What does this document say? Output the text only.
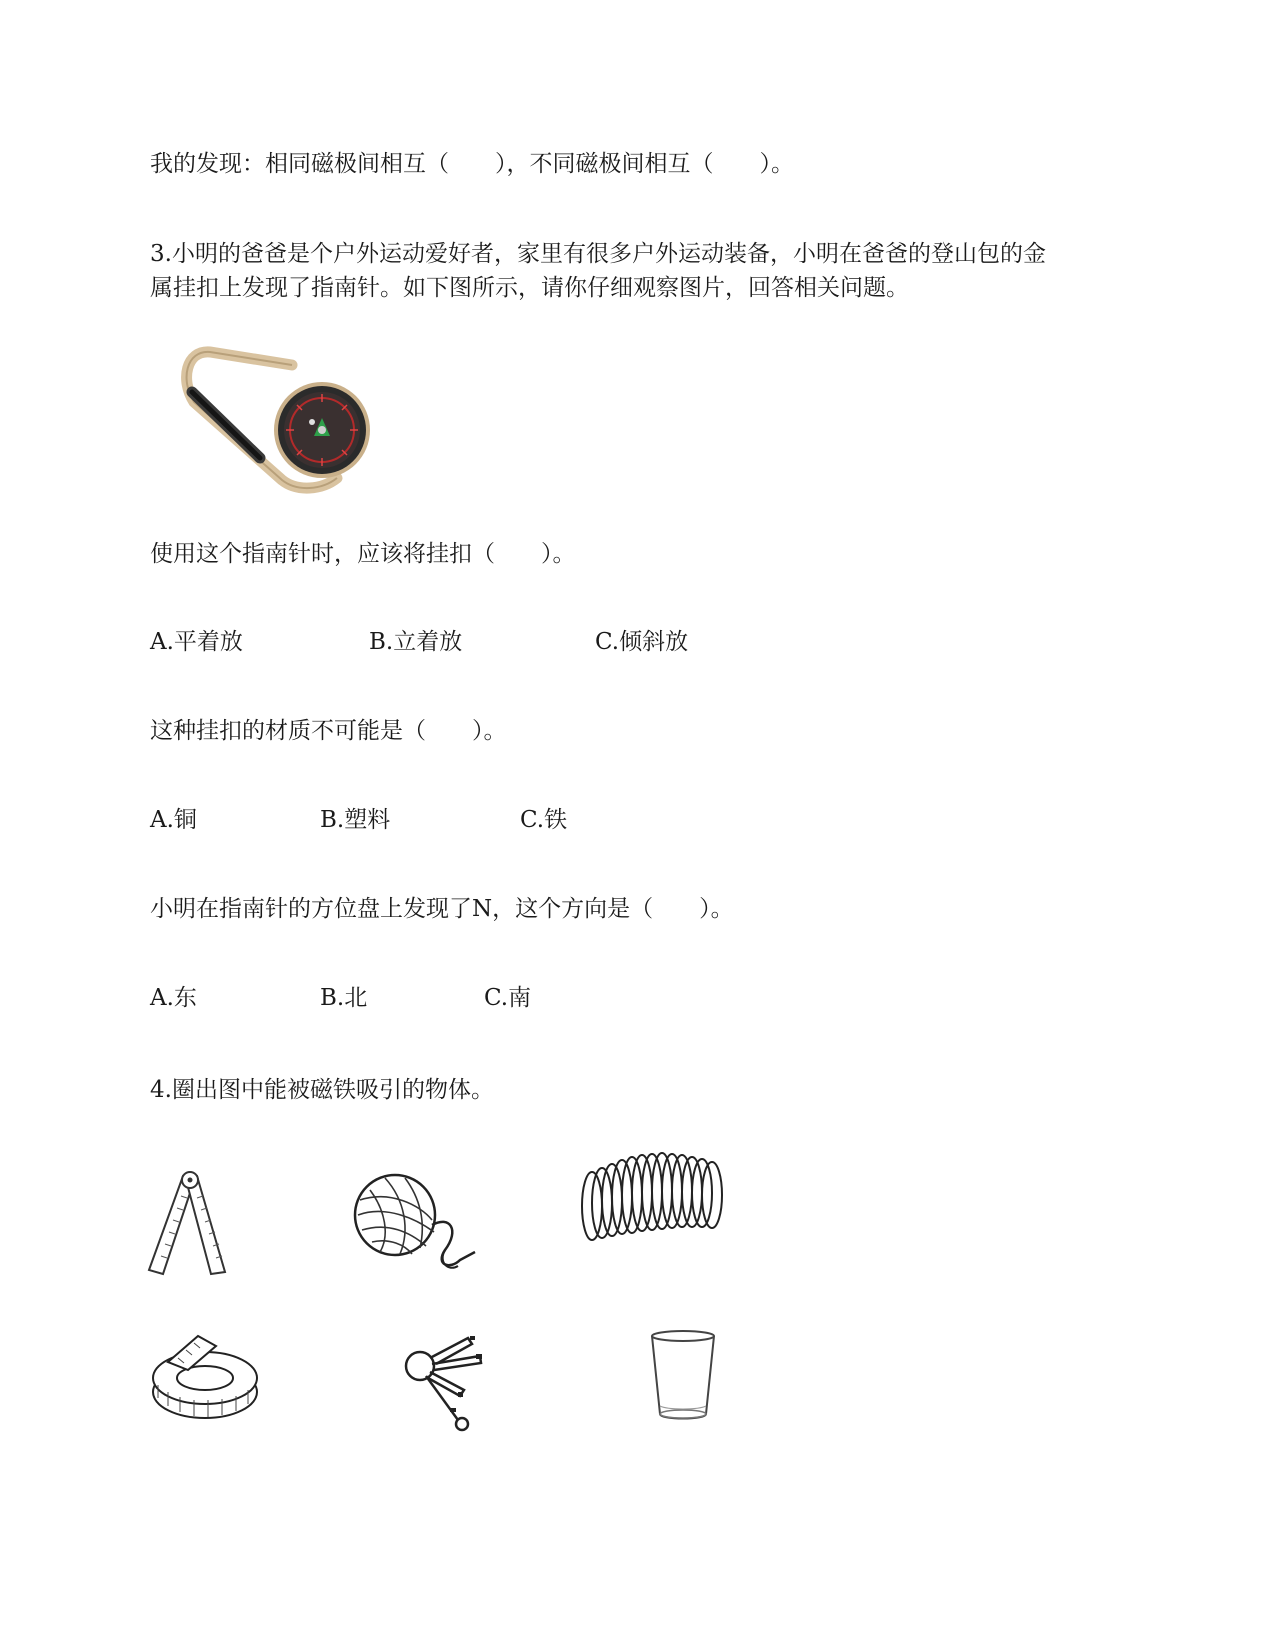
我的发现：相同磁极间相互（　　），不同磁极间相互（　　）。
3.小明的爸爸是个户外运动爱好者，家里有很多户外运动装备，小明在爸爸的登山包的金
属挂扣上发现了指南针。如下图所示，请你仔细观察图片，回答相关问题。
使用这个指南针时，应该将挂扣（　　）。
A.平着放	B.立着放	C.倾斜放
这种挂扣的材质不可能是（　　）。
A.铜	B.塑料	C.铁
小明在指南针的方位盘上发现了N，这个方向是（　　）。
A.东	B.北	C.南
4.圈出图中能被磁铁吸引的物体。
